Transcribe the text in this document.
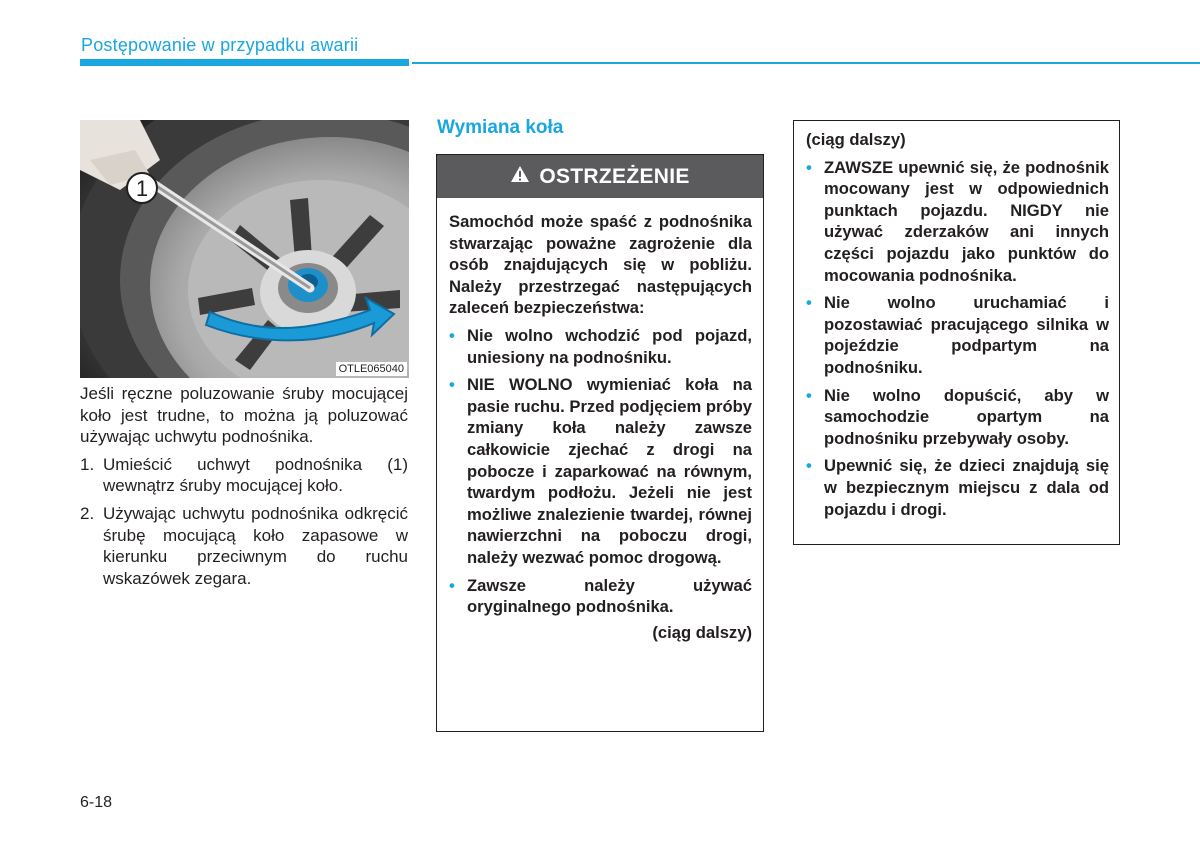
Postępowanie w przypadku awarii
1
OTLE065040

Jeśli ręczne poluzowanie śruby mocującej koło jest trudne, to można ją poluzować używając uchwytu podnośnika.

1. Umieścić uchwyt podnośnika (1) wewnątrz śruby mocującej koło.
2. Używając uchwytu podnośnika odkręcić śrubę mocującą koło zapasowe w kierunku przeciwnym do ruchu wskazówek zegara.
Wymiana koła
OSTRZEŻENIE

Samochód może spaść z podnośnika stwarzając poważne zagrożenie dla osób znajdujących się w pobliżu. Należy przestrzegać następujących zaleceń bezpieczeństwa:

• Nie wolno wchodzić pod pojazd, uniesiony na podnośniku.
• NIE WOLNO wymieniać koła na pasie ruchu. Przed podjęciem próby zmiany koła należy zawsze całkowicie zjechać z drogi na pobocze i zaparkować na równym, twardym podłożu. Jeżeli nie jest możliwe znalezienie twardej, równej nawierzchni na poboczu drogi, należy wezwać pomoc drogową.
• Zawsze należy używać oryginalnego podnośnika.
(ciąg dalszy)
(ciąg dalszy)
• ZAWSZE upewnić się, że podnośnik mocowany jest w odpowiednich punktach pojazdu. NIGDY nie używać zderzaków ani innych części pojazdu jako punktów do mocowania podnośnika.
• Nie wolno uruchamiać i pozostawiać pracującego silnika w pojeździe podpartym na podnośniku.
• Nie wolno dopuścić, aby w samochodzie opartym na podnośniku przebywały osoby.
• Upewnić się, że dzieci znajdują się w bezpiecznym miejscu z dala od pojazdu i drogi.
6-18
